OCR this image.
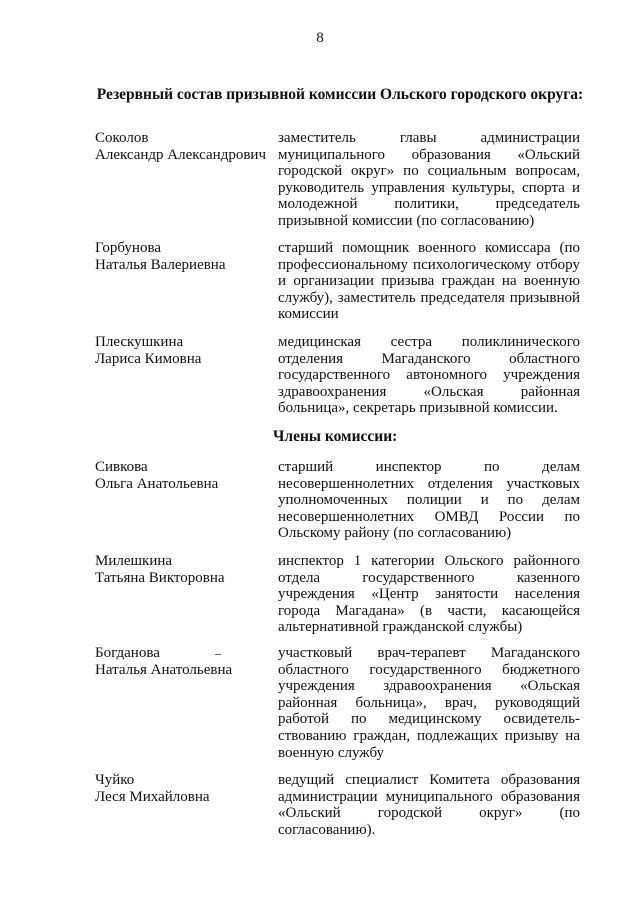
8
Резервный состав призывной комиссии Ольского городского округа:
Соколов
Александр Александрович
заместитель главы администрации муниципального образования «Ольский городской округ» по социальным вопросам, руководитель управления культуры, спорта и молодежной политики, председатель призывной комиссии (по согласованию)
Горбунова
Наталья Валериевна
старший помощник военного комиссара (по профессиональному психологическому отбору и организации призыва граждан на военную службу), заместитель председателя призывной комиссии
Плескушкина
Лариса Кимовна
медицинская сестра поликлинического отделения Магаданского областного государственного автономного учреждения здравоохранения «Ольская районная больница», секретарь призывной комиссии.
Члены комиссии:
Сивкова
Ольга Анатольевна
старший инспектор по делам несовершеннолетних отделения участковых уполномоченных полиции и по делам несовершеннолетних ОМВД России по Ольскому району (по согласованию)
Милешкина
Татьяна Викторовна
инспектор 1 категории Ольского районного отдела государственного казенного учреждения «Центр занятости населения города Магадана» (в части, касающейся альтернативной гражданской службы)
Богданова
Наталья Анатольевна
участковый врач-терапевт Магаданского областного государственного бюджетного учреждения здравоохранения «Ольская районная больница», врач, руководящий работой по медицинскому освидетельствованию граждан, подлежащих призыву на военную службу
Чуйко
Леся Михайловна
ведущий специалист Комитета образования администрации муниципального образования «Ольский городской округ» (по согласованию).
